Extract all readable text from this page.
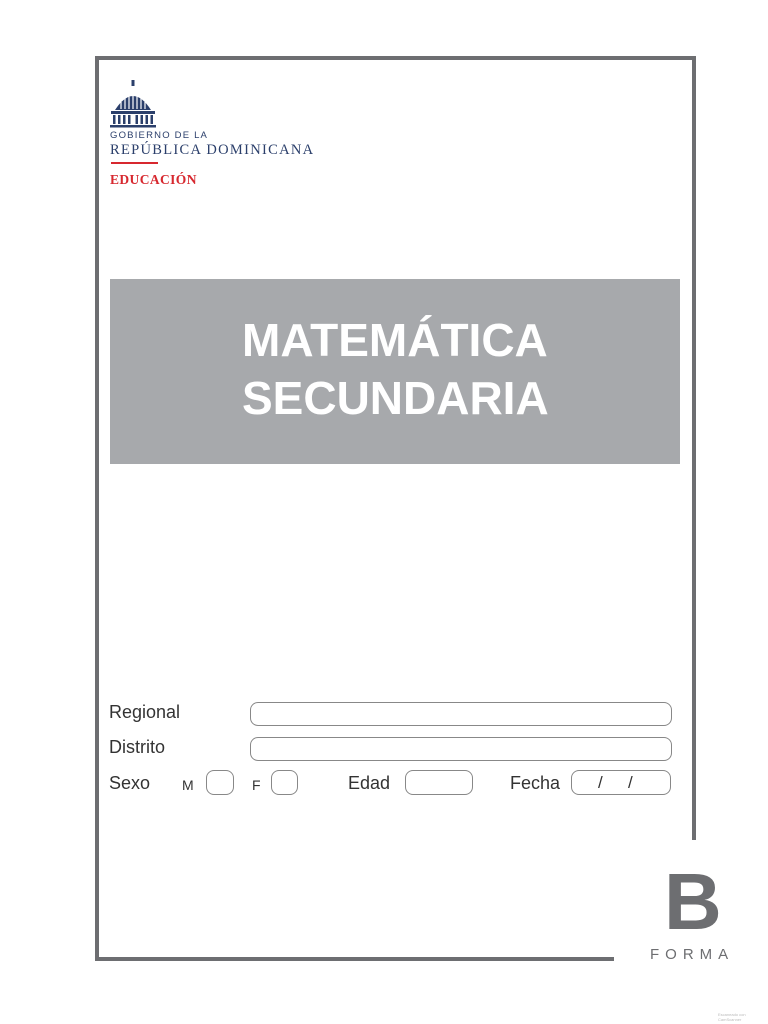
GOBIERNO DE LA
REPÚBLICA DOMINICANA
EDUCACIÓN
MATEMÁTICA
SECUNDARIA
Regional
Distrito
Sexo M	F	Edad	Fecha / /
B
FORMA
Escaneado con CamScanner
